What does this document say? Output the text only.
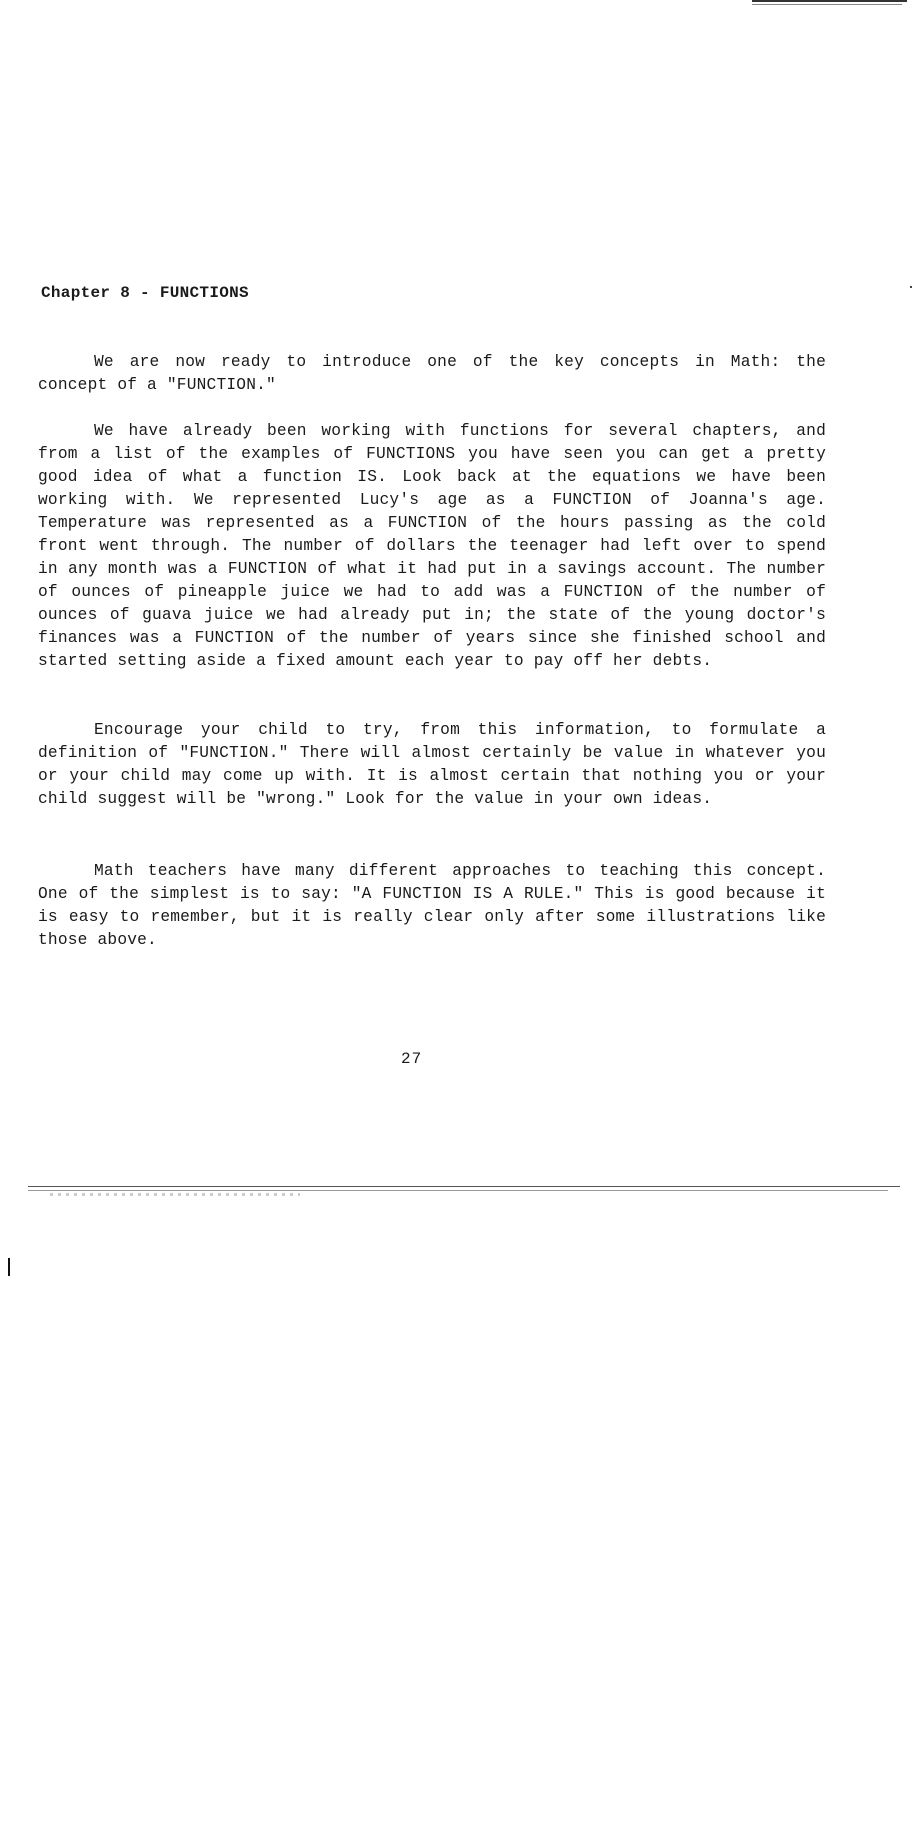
Chapter 8 - FUNCTIONS

We are now ready to introduce one of the key concepts in Math: the concept of a "FUNCTION."

We have already been working with functions for several chapters, and from a list of the examples of FUNCTIONS you have seen you can get a pretty good idea of what a function IS. Look back at the equations we have been working with. We represented Lucy's age as a FUNCTION of Joanna's age. Temperature was represented as a FUNCTION of the hours passing as the cold front went through. The number of dollars the teenager had left over to spend in any month was a FUNCTION of what it had put in a savings account. The number of ounces of pineapple juice we had to add was a FUNCTION of the number of ounces of guava juice we had already put in; the state of the young doctor's finances was a FUNCTION of the number of years since she finished school and started setting aside a fixed amount each year to pay off her debts.

Encourage your child to try, from this information, to formulate a definition of "FUNCTION." There will almost certainly be value in whatever you or your child may come up with. It is almost certain that nothing you or your child suggest will be "wrong." Look for the value in your own ideas.

Math teachers have many different approaches to teaching this concept. One of the simplest is to say: "A FUNCTION IS A RULE." This is good because it is easy to remember, but it is really clear only after some illustrations like those above.

27
